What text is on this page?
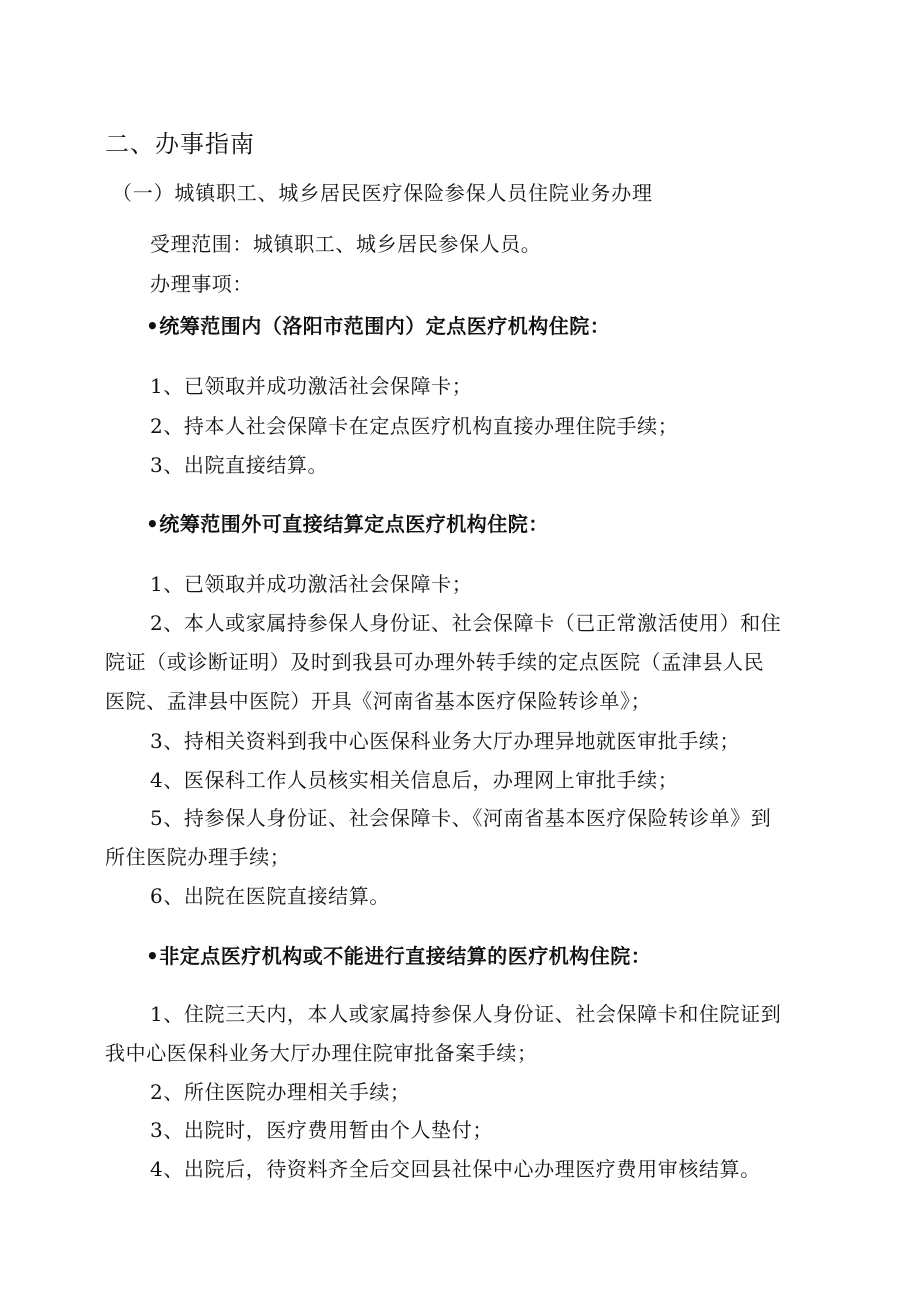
二、办事指南
（一）城镇职工、城乡居民医疗保险参保人员住院业务办理
受理范围：城镇职工、城乡居民参保人员。
办理事项：
•统筹范围内（洛阳市范围内）定点医疗机构住院：
1、已领取并成功激活社会保障卡；
2、持本人社会保障卡在定点医疗机构直接办理住院手续；
3、出院直接结算。
•统筹范围外可直接结算定点医疗机构住院：
1、已领取并成功激活社会保障卡；
2、本人或家属持参保人身份证、社会保障卡（已正常激活使用）和住
院证（或诊断证明）及时到我县可办理外转手续的定点医院（孟津县人民
医院、孟津县中医院）开具《河南省基本医疗保险转诊单》；
3、持相关资料到我中心医保科业务大厅办理异地就医审批手续；
4、医保科工作人员核实相关信息后，办理网上审批手续；
5、持参保人身份证、社会保障卡、《河南省基本医疗保险转诊单》到
所住医院办理手续；
6、出院在医院直接结算。
•非定点医疗机构或不能进行直接结算的医疗机构住院：
1、住院三天内，本人或家属持参保人身份证、社会保障卡和住院证到
我中心医保科业务大厅办理住院审批备案手续；
2、所住医院办理相关手续；
3、出院时，医疗费用暂由个人垫付；
4、出院后，待资料齐全后交回县社保中心办理医疗费用审核结算。
